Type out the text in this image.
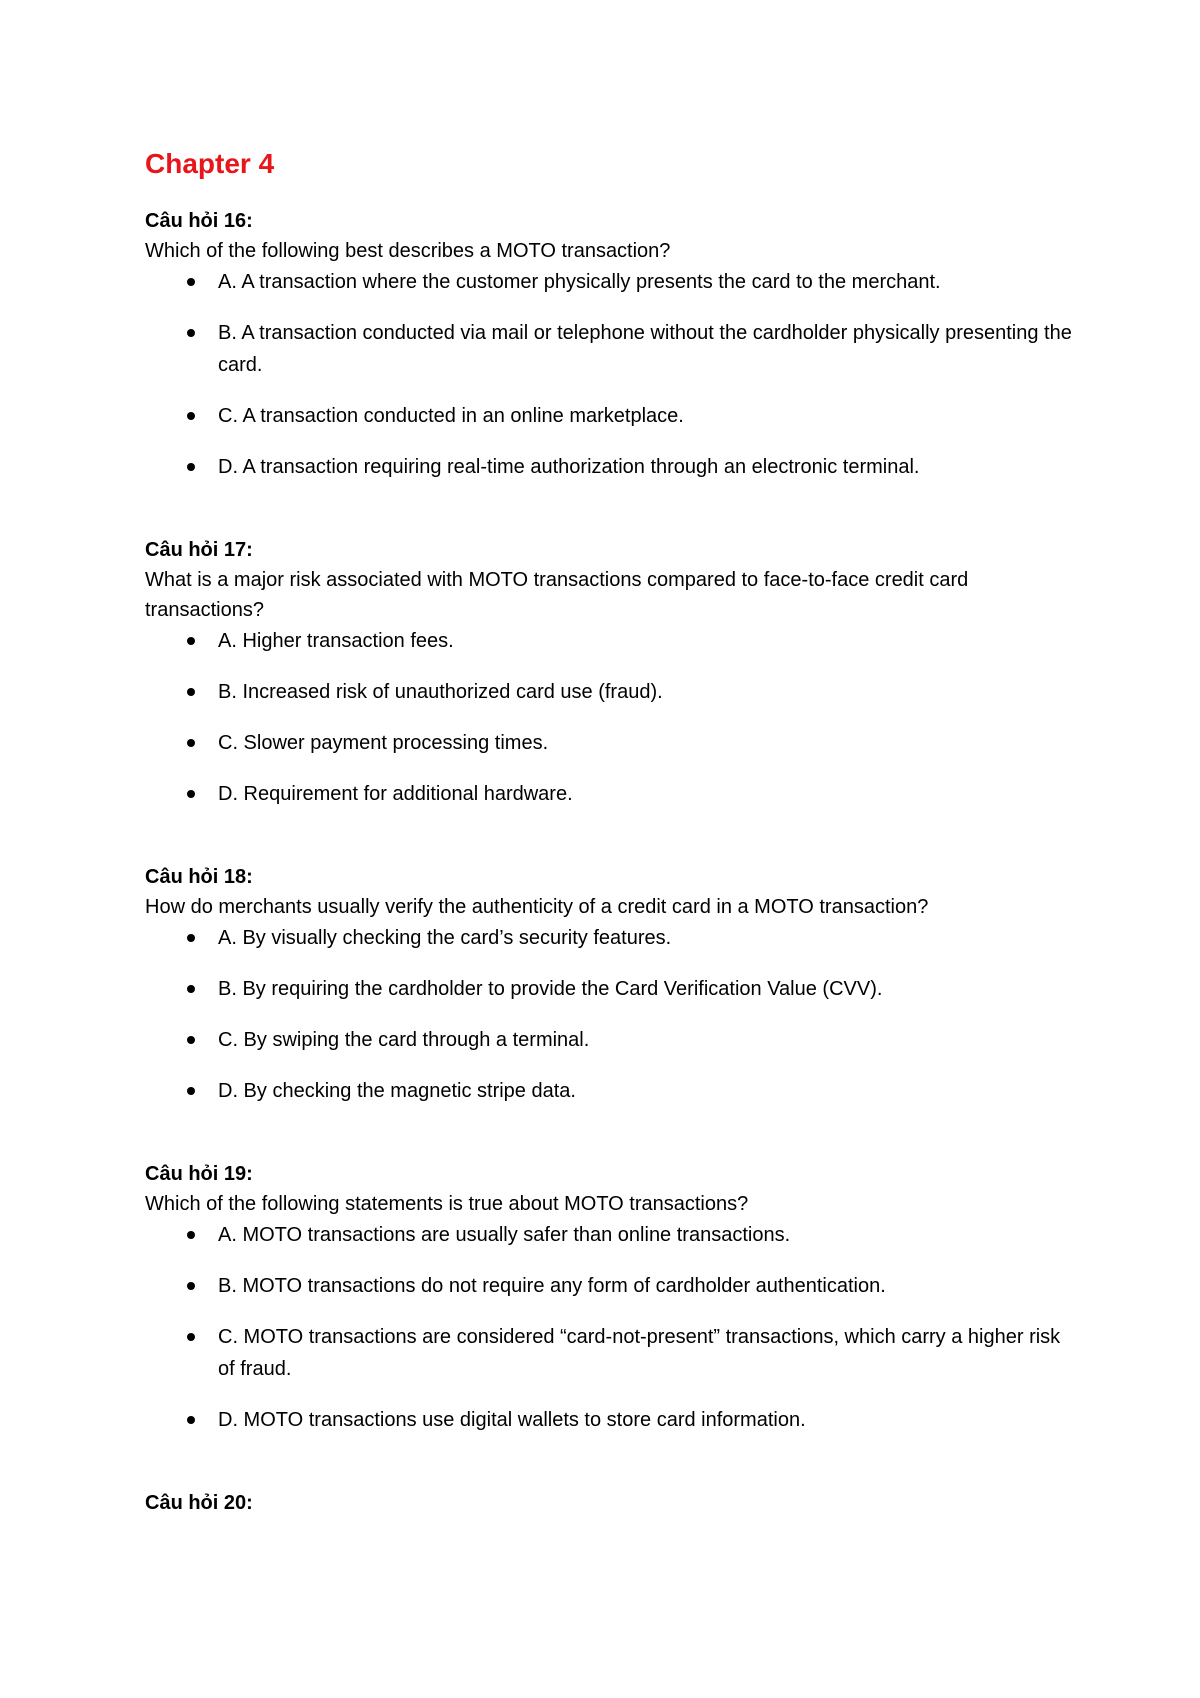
Chapter 4

Câu hỏi 16:

Which of the following best describes a MOTO transaction?

A. A transaction where the customer physically presents the card to the merchant.
B. A transaction conducted via mail or telephone without the cardholder physically presenting the card.
C. A transaction conducted in an online marketplace.
D. A transaction requiring real-time authorization through an electronic terminal.

Câu hỏi 17:

What is a major risk associated with MOTO transactions compared to face-to-face credit card transactions?

A. Higher transaction fees.
B. Increased risk of unauthorized card use (fraud).
C. Slower payment processing times.
D. Requirement for additional hardware.

Câu hỏi 18:

How do merchants usually verify the authenticity of a credit card in a MOTO transaction?

A. By visually checking the card’s security features.
B. By requiring the cardholder to provide the Card Verification Value (CVV).
C. By swiping the card through a terminal.
D. By checking the magnetic stripe data.

Câu hỏi 19:

Which of the following statements is true about MOTO transactions?

A. MOTO transactions are usually safer than online transactions.
B. MOTO transactions do not require any form of cardholder authentication.
C. MOTO transactions are considered “card-not-present” transactions, which carry a higher risk of fraud.
D. MOTO transactions use digital wallets to store card information.

Câu hỏi 20:
